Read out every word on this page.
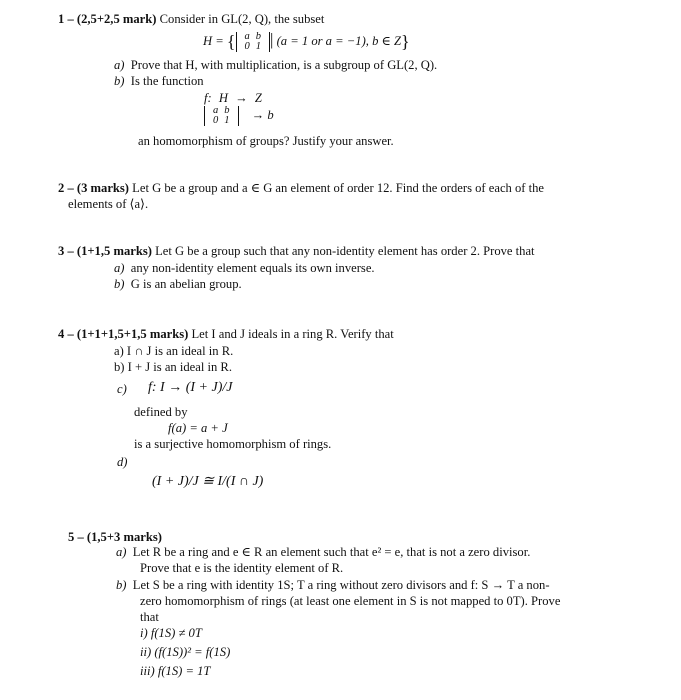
1 – (2,5+2,5 mark) Consider in GL(2, Q), the subset
H = { a	b
0	1 | (a = 1 or a = −1), b ∈ Z}
a) Prove that H, with multiplication, is a subgroup of GL(2, Q).
b) Is the function
f: H → Z
a	b
0	1 → b
an homomorphism of groups? Justify your answer.
2 – (3 marks) Let G be a group and a ∈ G an element of order 12. Find the orders of each of the
elements of ⟨a⟩.
3 – (1+1,5 marks) Let G be a group such that any non-identity element has order 2. Prove that
a) any non-identity element equals its own inverse.
b) G is an abelian group.
4 – (1+1+1,5+1,5 marks) Let I and J ideals in a ring R. Verify that
a) I ∩ J is an ideal in R.
b) I + J is an ideal in R.
c) f: I → (I + J)/J
defined by
f(a) = a + J
is a surjective homomorphism of rings.
d)
(I + J)/J ≅ I/(I ∩ J)
5 – (1,5+3 marks)
a) Let R be a ring and e ∈ R an element such that e² = e, that is not a zero divisor.
Prove that e is the identity element of R.
b) Let S be a ring with identity 1S; T a ring without zero divisors and f: S → T a non-
zero homomorphism of rings (at least one element in S is not mapped to 0T). Prove
that
i) f(1S) ≠ 0T
ii) (f(1S))² = f(1S)
iii) f(1S) = 1T
